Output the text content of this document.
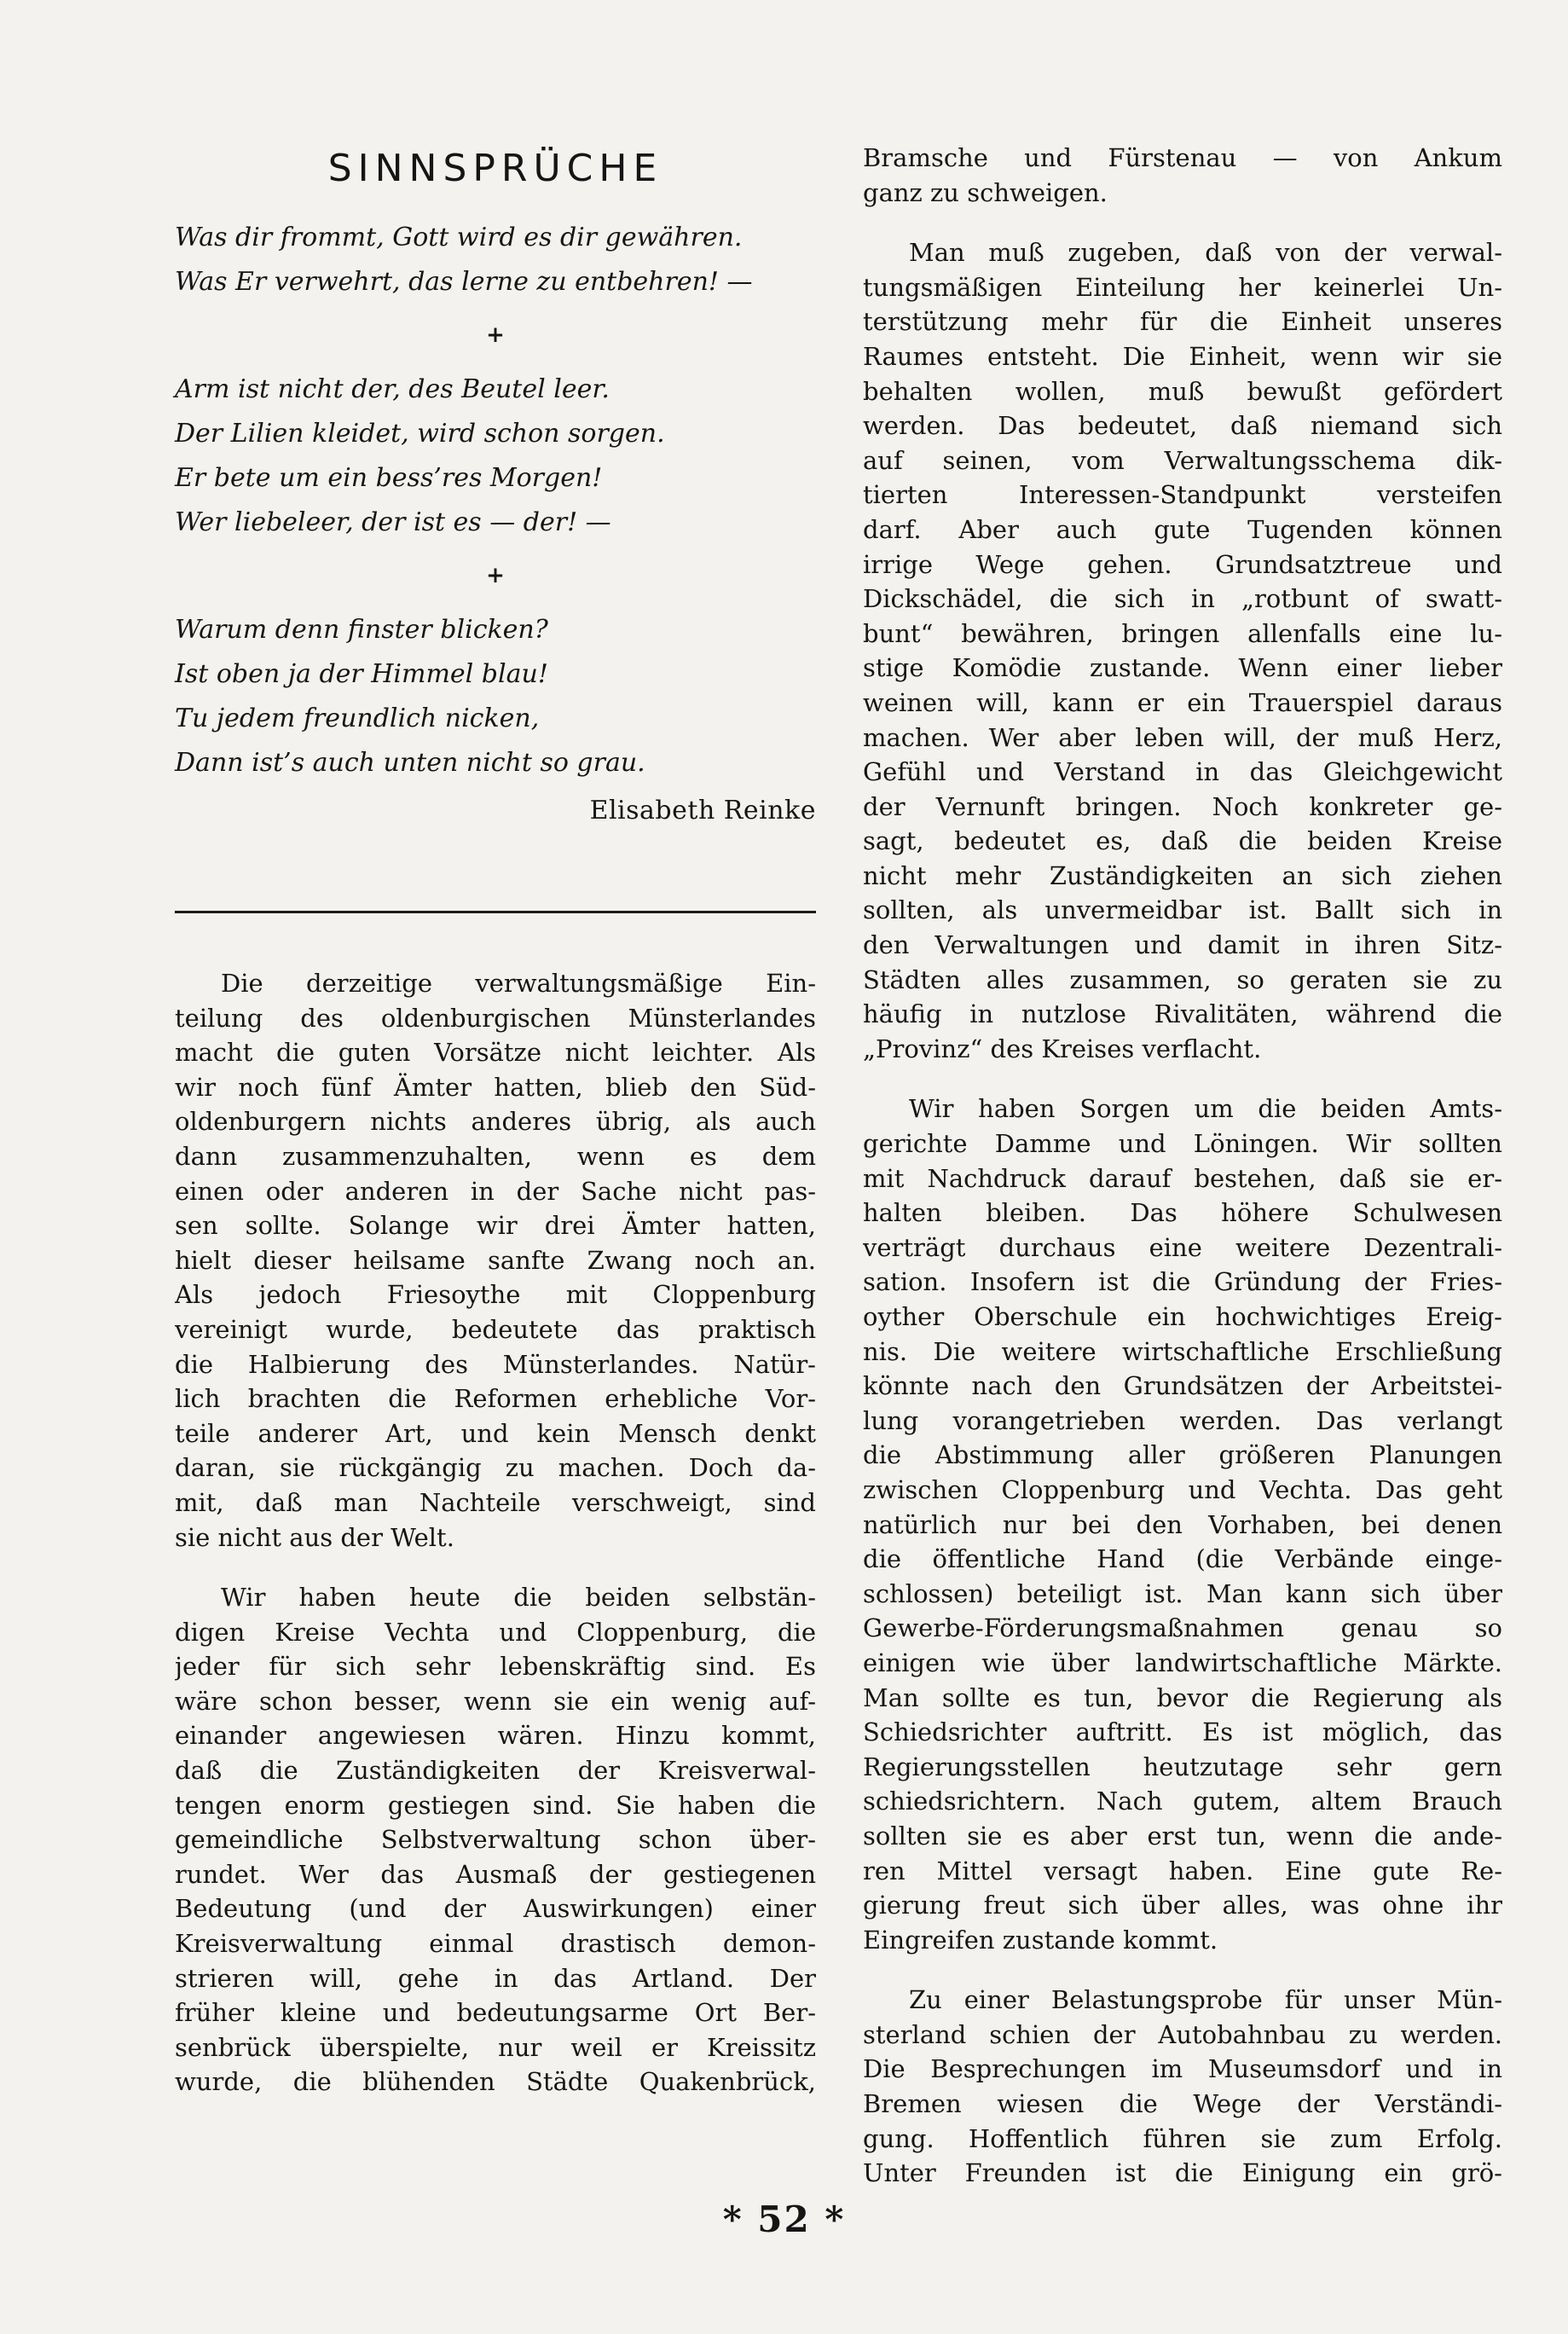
SINNSPRÜCHE
Was dir frommt, Gott wird es dir gewähren.
Was Er verwehrt, das lerne zu entbehren! —
+
Arm ist nicht der, des Beutel leer.
Der Lilien kleidet, wird schon sorgen.
Er bete um ein bess’res Morgen!
Wer liebeleer, der ist es — der! —
+
Warum denn finster blicken?
Ist oben ja der Himmel blau!
Tu jedem freundlich nicken,
Dann ist’s auch unten nicht so grau.
Elisabeth Reinke
Die derzeitige verwaltungsmäßige Ein-
teilung des oldenburgischen Münsterlandes
macht die guten Vorsätze nicht leichter. Als
wir noch fünf Ämter hatten, blieb den Süd-
oldenburgern nichts anderes übrig, als auch
dann zusammenzuhalten, wenn es dem
einen oder anderen in der Sache nicht pas-
sen sollte. Solange wir drei Ämter hatten,
hielt dieser heilsame sanfte Zwang noch an.
Als jedoch Friesoythe mit Cloppenburg
vereinigt wurde, bedeutete das praktisch
die Halbierung des Münsterlandes. Natür-
lich brachten die Reformen erhebliche Vor-
teile anderer Art, und kein Mensch denkt
daran, sie rückgängig zu machen. Doch da-
mit, daß man Nachteile verschweigt, sind
sie nicht aus der Welt.
Wir haben heute die beiden selbstän-
digen Kreise Vechta und Cloppenburg, die
jeder für sich sehr lebenskräftig sind. Es
wäre schon besser, wenn sie ein wenig auf-
einander angewiesen wären. Hinzu kommt,
daß die Zuständigkeiten der Kreisverwal-
tengen enorm gestiegen sind. Sie haben die
gemeindliche Selbstverwaltung schon über-
rundet. Wer das Ausmaß der gestiegenen
Bedeutung (und der Auswirkungen) einer
Kreisverwaltung einmal drastisch demon-
strieren will, gehe in das Artland. Der
früher kleine und bedeutungsarme Ort Ber-
senbrück überspielte, nur weil er Kreissitz
wurde, die blühenden Städte Quakenbrück,
Bramsche und Fürstenau — von Ankum
ganz zu schweigen.
Man muß zugeben, daß von der verwal-
tungsmäßigen Einteilung her keinerlei Un-
terstützung mehr für die Einheit unseres
Raumes entsteht. Die Einheit, wenn wir sie
behalten wollen, muß bewußt gefördert
werden. Das bedeutet, daß niemand sich
auf seinen, vom Verwaltungsschema dik-
tierten Interessen-Standpunkt versteifen
darf. Aber auch gute Tugenden können
irrige Wege gehen. Grundsatztreue und
Dickschädel, die sich in „rotbunt of swatt-
bunt“ bewähren, bringen allenfalls eine lu-
stige Komödie zustande. Wenn einer lieber
weinen will, kann er ein Trauerspiel daraus
machen. Wer aber leben will, der muß Herz,
Gefühl und Verstand in das Gleichgewicht
der Vernunft bringen. Noch konkreter ge-
sagt, bedeutet es, daß die beiden Kreise
nicht mehr Zuständigkeiten an sich ziehen
sollten, als unvermeidbar ist. Ballt sich in
den Verwaltungen und damit in ihren Sitz-
Städten alles zusammen, so geraten sie zu
häufig in nutzlose Rivalitäten, während die
„Provinz“ des Kreises verflacht.
Wir haben Sorgen um die beiden Amts-
gerichte Damme und Löningen. Wir sollten
mit Nachdruck darauf bestehen, daß sie er-
halten bleiben. Das höhere Schulwesen
verträgt durchaus eine weitere Dezentrali-
sation. Insofern ist die Gründung der Fries-
oyther Oberschule ein hochwichtiges Ereig-
nis. Die weitere wirtschaftliche Erschließung
könnte nach den Grundsätzen der Arbeitstei-
lung vorangetrieben werden. Das verlangt
die Abstimmung aller größeren Planungen
zwischen Cloppenburg und Vechta. Das geht
natürlich nur bei den Vorhaben, bei denen
die öffentliche Hand (die Verbände einge-
schlossen) beteiligt ist. Man kann sich über
Gewerbe-Förderungsmaßnahmen genau so
einigen wie über landwirtschaftliche Märkte.
Man sollte es tun, bevor die Regierung als
Schiedsrichter auftritt. Es ist möglich, das
Regierungsstellen heutzutage sehr gern
schiedsrichtern. Nach gutem, altem Brauch
sollten sie es aber erst tun, wenn die ande-
ren Mittel versagt haben. Eine gute Re-
gierung freut sich über alles, was ohne ihr
Eingreifen zustande kommt.
Zu einer Belastungsprobe für unser Mün-
sterland schien der Autobahnbau zu werden.
Die Besprechungen im Museumsdorf und in
Bremen wiesen die Wege der Verständi-
gung. Hoffentlich führen sie zum Erfolg.
Unter Freunden ist die Einigung ein grö-
* 52 *
